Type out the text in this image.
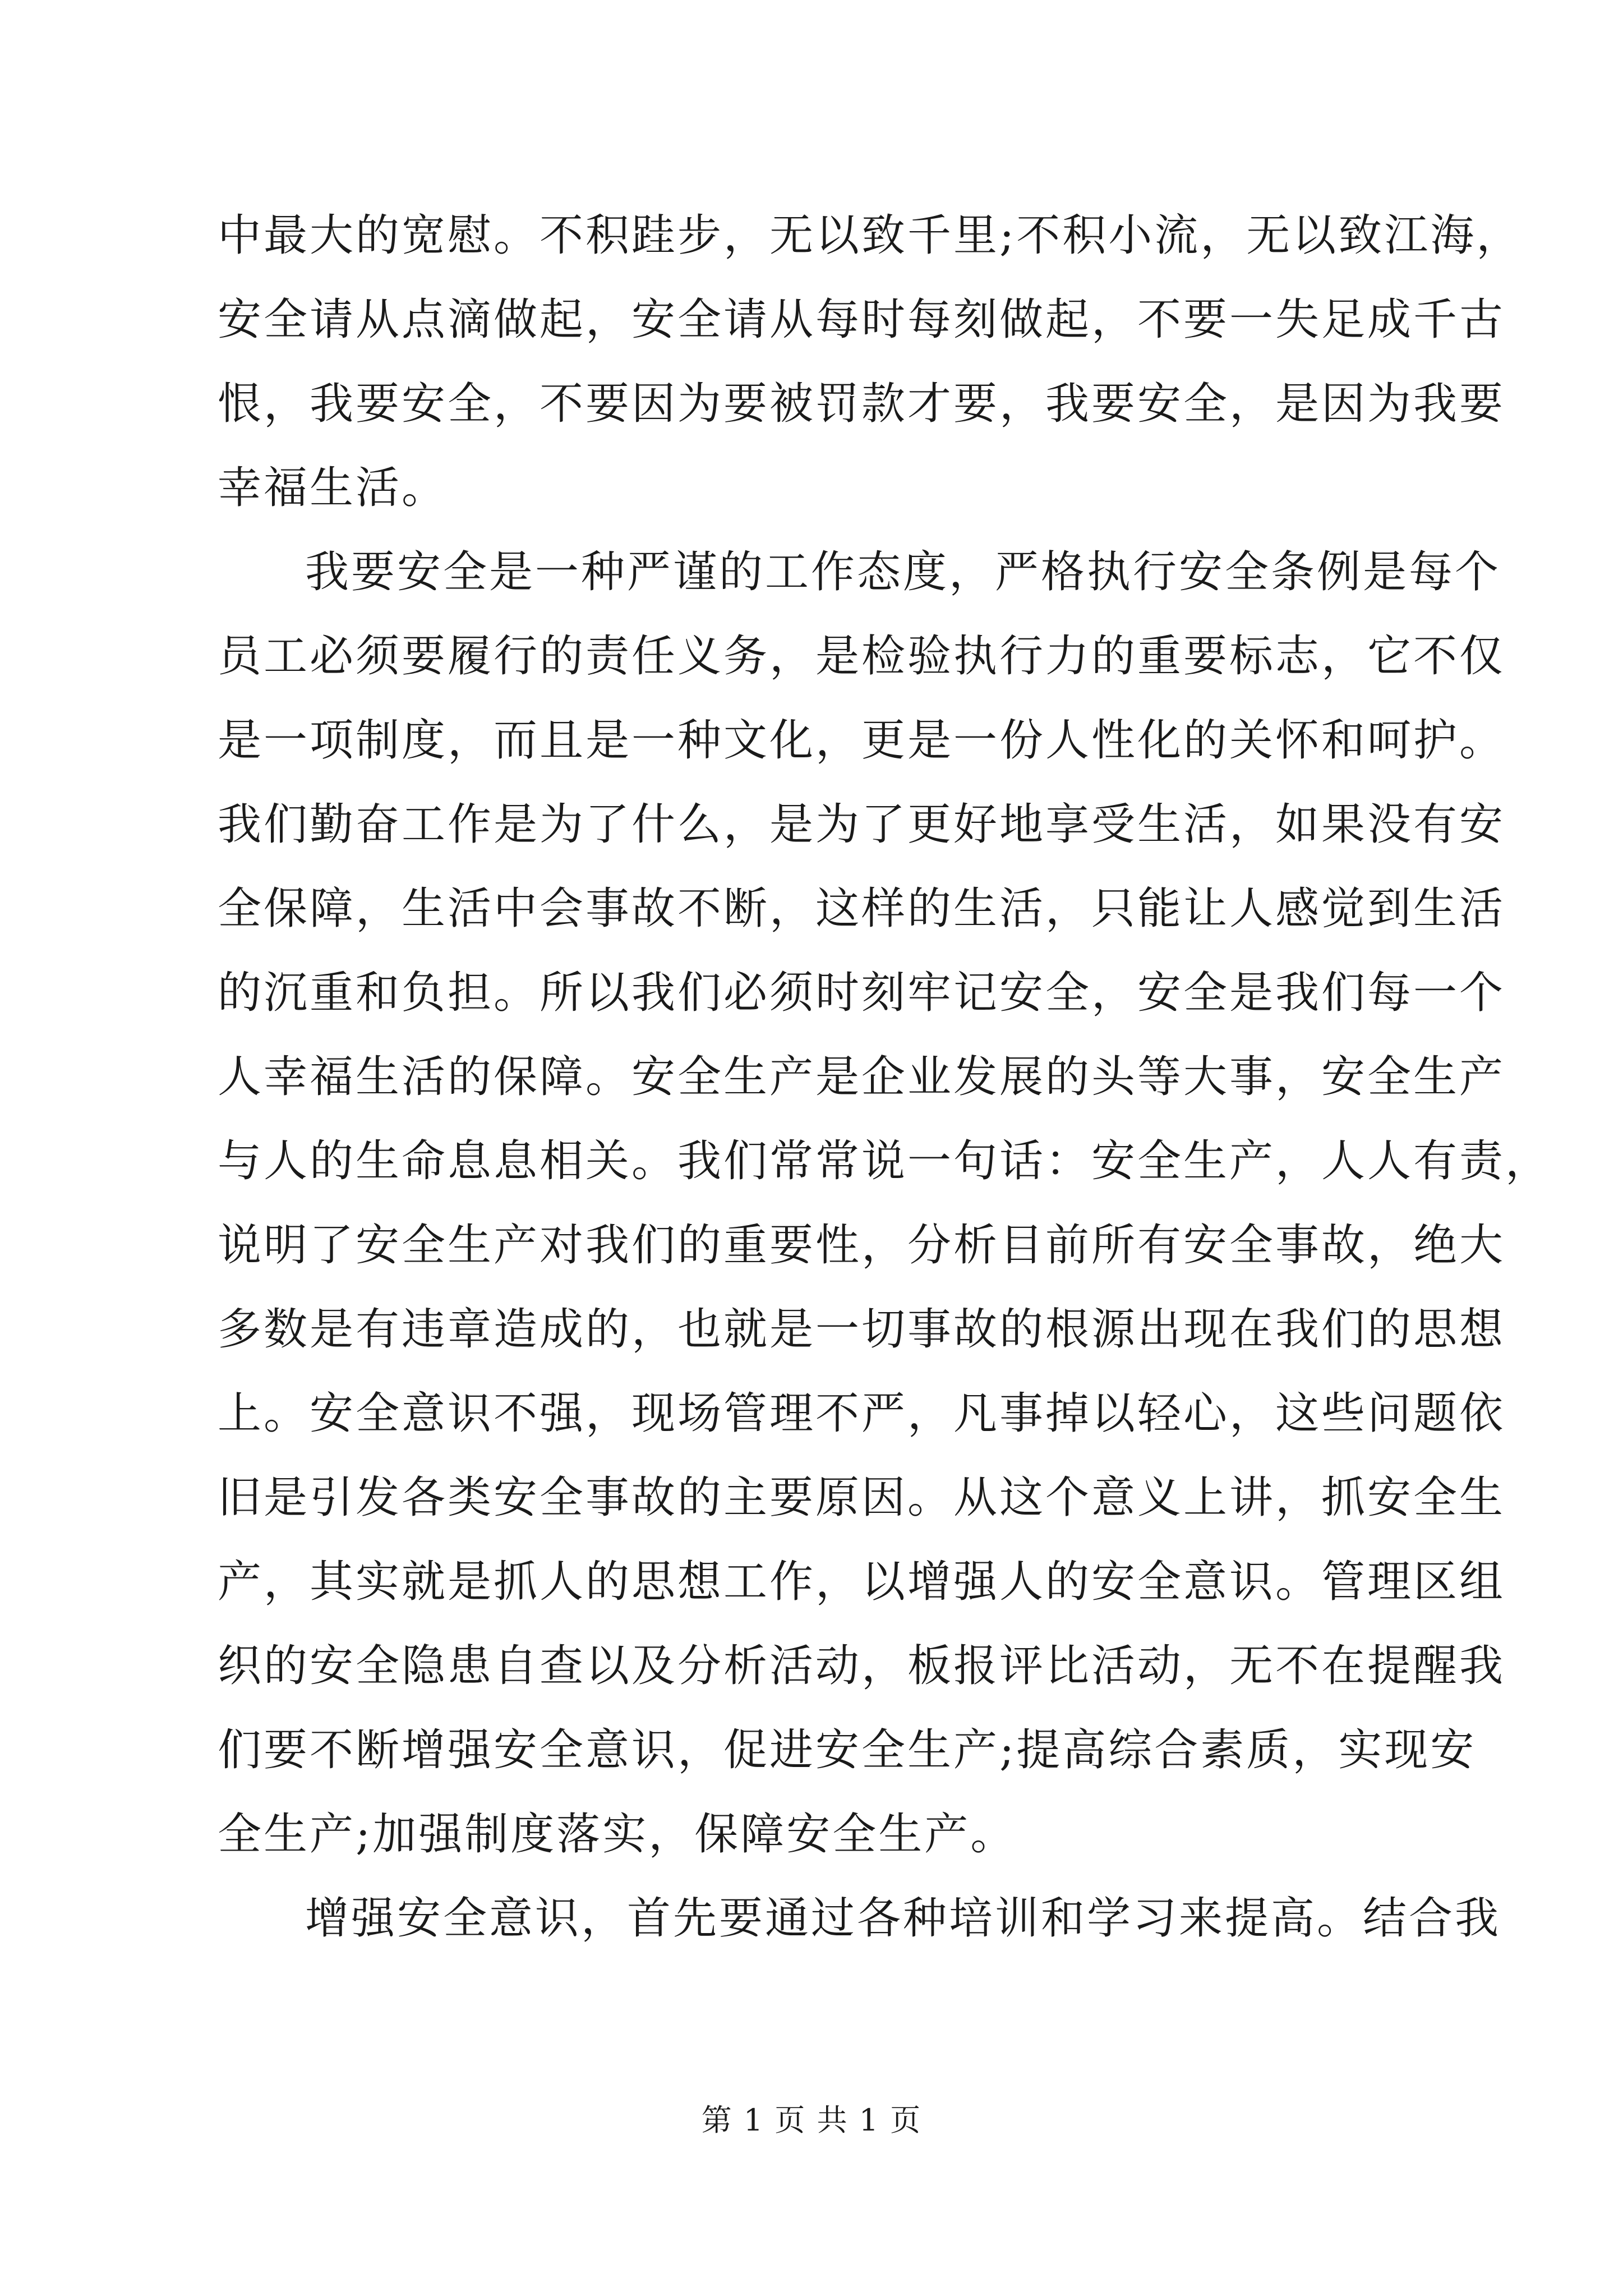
中最大的宽慰。不积跬步，无以致千里;不积小流，无以致江海，
安全请从点滴做起，安全请从每时每刻做起，不要一失足成千古
恨，我要安全，不要因为要被罚款才要，我要安全，是因为我要
幸福生活。
我要安全是一种严谨的工作态度，严格执行安全条例是每个
员工必须要履行的责任义务，是检验执行力的重要标志，它不仅
是一项制度，而且是一种文化，更是一份人性化的关怀和呵护。
我们勤奋工作是为了什么，是为了更好地享受生活，如果没有安
全保障，生活中会事故不断，这样的生活，只能让人感觉到生活
的沉重和负担。所以我们必须时刻牢记安全，安全是我们每一个
人幸福生活的保障。安全生产是企业发展的头等大事，安全生产
与人的生命息息相关。我们常常说一句话：安全生产，人人有责，
说明了安全生产对我们的重要性，分析目前所有安全事故，绝大
多数是有违章造成的，也就是一切事故的根源出现在我们的思想
上。安全意识不强，现场管理不严，凡事掉以轻心，这些问题依
旧是引发各类安全事故的主要原因。从这个意义上讲，抓安全生
产，其实就是抓人的思想工作，以增强人的安全意识。管理区组
织的安全隐患自查以及分析活动，板报评比活动，无不在提醒我
们要不断增强安全意识，促进安全生产;提高综合素质，实现安
全生产;加强制度落实，保障安全生产。
增强安全意识，首先要通过各种培训和学习来提高。结合我
第 1 页 共 1 页
